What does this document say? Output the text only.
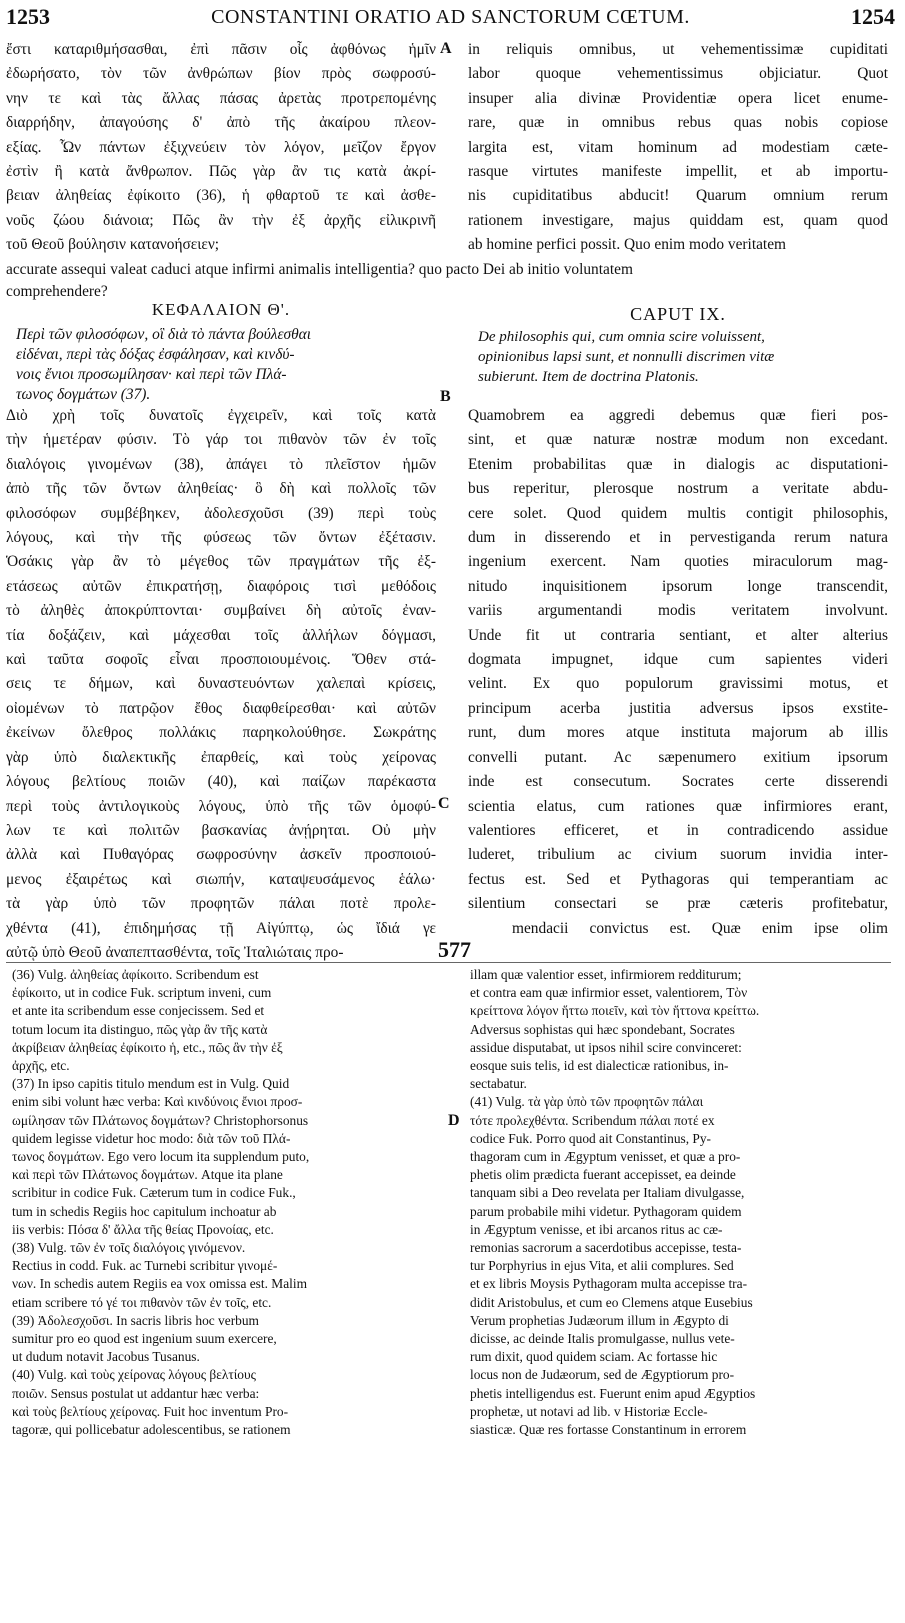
1253	CONSTANTINI ORATIO AD SANCTORUM CŒTUM.	1254
ἔστι καταριθμήσασθαι, ἐπὶ πᾶσιν οἷς ἀφθόνως ἡμῖν
ἐδωρήσατο, τὸν τῶν ἀνθρώπων βίον πρὸς σωφροσύ-
νην τε καὶ τὰς ἄλλας πάσας ἀρετὰς προτρεπομένης
διαρρήδην, ἀπαγούσης δ' ἀπὸ τῆς ἀκαίρου πλεον-
εξίας. Ὧν πάντων ἐξιχνεύειν τὸν λόγον, μεῖζον ἔργον
ἐστὶν ἢ κατὰ ἄνθρωπον. Πῶς γὰρ ἂν τις κατὰ ἀκρί-
βειαν ἀληθείας ἐφίκοιτο (36), ἡ φθαρτοῦ τε καὶ ἀσθε-
νοῦς ζώου διάνοια; Πῶς ἂν τὴν ἐξ ἀρχῆς εἰλικρινῆ
τοῦ Θεοῦ βούλησιν κατανοήσειεν;
in reliquis omnibus, ut vehementissimæ cupiditati
labor quoque vehementissimus objiciatur. Quot
insuper alia divinæ Providentiæ opera licet enume-
rare, quæ in omnibus rebus quas nobis copiose
largita est, vitam hominum ad modestiam cæte-
rasque virtutes manifeste impellit, et ab importu-
nis cupiditatibus abducit! Quarum omnium rerum
rationem investigare, majus quiddam est, quam quod
ab homine perfici possit. Quo enim modo veritatem
A
accurate assequi valeat caduci atque infirmi animalis intelligentia? quo pacto Dei ab initio voluntatem
comprehendere?
ΚΕΦΑΛΑΙΟΝ Θ'.	CAPUT IX.
Περὶ τῶν φιλοσόφων, οἳ διὰ τὸ πάντα βούλεσθαι
εἰδέναι, περὶ τὰς δόξας ἐσφάλησαν, καὶ κινδύ-
νοις ἔνιοι προσωμίλησαν· καὶ περὶ τῶν Πλά-
τωνος δογμάτων (37).
De philosophis qui, cum omnia scire voluissent,
opinionibus lapsi sunt, et nonnulli discrimen vitæ
subierunt. Item de doctrina Platonis.
B
Διὸ χρὴ τοῖς δυνατοῖς ἐγχειρεῖν, καὶ τοῖς κατὰ
τὴν ἡμετέραν φύσιν. Τὸ γάρ τοι πιθανὸν τῶν ἐν τοῖς
διαλόγοις γινομένων (38), ἀπάγει τὸ πλεῖστον ἡμῶν
ἀπὸ τῆς τῶν ὄντων ἀληθείας· ὃ δὴ καὶ πολλοῖς τῶν
φιλοσόφων συμβέβηκεν, ἀδολεσχοῦσι (39) περὶ τοὺς
λόγους, καὶ τὴν τῆς φύσεως τῶν ὄντων ἐξέτασιν.
Ὁσάκις γὰρ ἂν τὸ μέγεθος τῶν πραγμάτων τῆς ἐξ-
ετάσεως αὐτῶν ἐπικρατήσῃ, διαφόροις τισὶ μεθόδοις
τὸ ἀληθὲς ἀποκρύπτονται· συμβαίνει δὴ αὐτοῖς ἐναν-
τία δοξάζειν, καὶ μάχεσθαι τοῖς ἀλλήλων δόγμασι,
καὶ ταῦτα σοφοῖς εἶναι προσποιουμένοις. Ὅθεν στά-
σεις τε δήμων, καὶ δυναστευόντων χαλεπαὶ κρίσεις,
οἰομένων τὸ πατρῷον ἔθος διαφθείρεσθαι· καὶ αὐτῶν
ἐκείνων ὄλεθρος πολλάκις παρηκολούθησε. Σωκράτης
γὰρ ὑπὸ διαλεκτικῆς ἐπαρθείς, καὶ τοὺς χείρονας
λόγους βελτίους ποιῶν (40), καὶ παίζων παρέκαστα
περὶ τοὺς ἀντιλογικοὺς λόγους, ὑπὸ τῆς τῶν ὁμοφύ-
λων τε καὶ πολιτῶν βασκανίας ἀνῄρηται. Οὐ μὴν
ἀλλὰ καὶ Πυθαγόρας σωφροσύνην ἀσκεῖν προσποιού-
μενος ἐξαιρέτως καὶ σιωπήν, καταψευσάμενος ἑάλω·
τὰ γὰρ ὑπὸ τῶν προφητῶν πάλαι ποτὲ προλε-
χθέντα (41), ἐπιδημήσας τῇ Αἰγύπτῳ, ὡς ἴδιά γε
αὐτῷ ὑπὸ Θεοῦ ἀναπεπτασθέντα, τοῖς Ἰταλιώταις προ-
Quamobrem ea aggredi debemus quæ fieri pos-
sint, et quæ naturæ nostræ modum non excedant.
Etenim probabilitas quæ in dialogis ac disputationi-
bus reperitur, plerosque nostrum a veritate abdu-
cere solet. Quod quidem multis contigit philosophis,
dum in disserendo et in pervestiganda rerum natura
ingenium exercent. Nam quoties miraculorum mag-
nitudo inquisitionem ipsorum longe transcendit,
variis argumentandi modis veritatem involvunt.
Unde fit ut contraria sentiant, et alter alterius
dogmata impugnet, idque cum sapientes videri
velint. Ex quo populorum gravissimi motus, et
principum acerba justitia adversus ipsos exstite-
runt, dum mores atque instituta majorum ab illis
convelli putant. Ac sæpenumero exitium ipsorum
inde est consecutum. Socrates certe disserendi
scientia elatus, cum rationes quæ infirmiores erant,
valentiores efficeret, et in contradicendo assidue
luderet, tribulium ac civium suorum invidia inter-
fectus est. Sed et Pythagoras qui temperantiam ac
silentium consectari se præ cæteris profitebatur,
mendacii convictus est. Quæ enim ipse olim
C
577
(36) Vulg. ἀληθείας ἀφίκοιτο. Scribendum est
ἐφίκοιτο, ut in codice Fuk. scriptum inveni, cum
et ante ita scribendum esse conjecissem. Sed et
totum locum ita distinguo, πῶς γὰρ ἂν τῆς κατὰ
ἀκρίβειαν ἀληθείας ἐφίκοιτο ἡ, etc., πῶς ἂν τὴν ἐξ
ἀρχῆς, etc.
(37) In ipso capitis titulo mendum est in Vulg. Quid
enim sibi volunt hæc verba: Καὶ κινδύνοις ἔνιοι προσ-
ωμίλησαν τῶν Πλάτωνος δογμάτων? Christophorsonus
quidem legisse videtur hoc modo: διὰ τῶν τοῦ Πλά-
τωνος δογμάτων. Ego vero locum ita supplendum puto,
καὶ περὶ τῶν Πλάτωνος δογμάτων. Atque ita plane
scribitur in codice Fuk. Cæterum tum in codice Fuk.,
tum in schedis Regiis hoc capitulum inchoatur ab
iis verbis: Πόσα δ' ἄλλα τῆς θείας Προνοίας, etc.
(38) Vulg. τῶν ἐν τοῖς διαλόγοις γινόμενον.
Rectius in codd. Fuk. ac Turnebi scribitur γινομέ-
νων. In schedis autem Regiis ea vox omissa est. Malim
etiam scribere τό γέ τοι πιθανὸν τῶν ἐν τοῖς, etc.
(39) Ἀδολεσχοῦσι. In sacris libris hoc verbum
sumitur pro eo quod est ingenium suum exercere,
ut dudum notavit Jacobus Tusanus.
(40) Vulg. καὶ τοὺς χείρονας λόγους βελτίους
ποιῶν. Sensus postulat ut addantur hæc verba:
καὶ τοὺς βελτίους χείρονας. Fuit hoc inventum Pro-
tagoræ, qui pollicebatur adolescentibus, se rationem
illam quæ valentior esset, infirmiorem redditurum;
et contra eam quæ infirmior esset, valentiorem, Τὸν
κρείττονα λόγον ἥττω ποιεῖν, καὶ τὸν ἥττονα κρείττω.
Adversus sophistas qui hæc spondebant, Socrates
assidue disputabat, ut ipsos nihil scire convinceret:
eosque suis telis, id est dialecticæ rationibus, in-
sectabatur.
(41) Vulg. τὰ γὰρ ὑπὸ τῶν προφητῶν πάλαι
τότε προλεχθέντα. Scribendum πάλαι ποτέ ex
codice Fuk. Porro quod ait Constantinus, Py-
thagoram cum in Ægyptum venisset, et quæ a pro-
phetis olim prædicta fuerant accepisset, ea deinde
tanquam sibi a Deo revelata per Italiam divulgasse,
parum probabile mihi videtur. Pythagoram quidem
in Ægyptum venisse, et ibi arcanos ritus ac cæ-
remonias sacrorum a sacerdotibus accepisse, testa-
tur Porphyrius in ejus Vita, et alii complures. Sed
et ex libris Moysis Pythagoram multa accepisse tra-
didit Aristobulus, et cum eo Clemens atque Eusebius
Verum prophetias Judæorum illum in Ægypto di
dicisse, ac deinde Italis promulgasse, nullus vete-
rum dixit, quod quidem sciam. Ac fortasse hic
locus non de Judæorum, sed de Ægyptiorum pro-
phetis intelligendus est. Fuerunt enim apud Ægyptios
prophetæ, ut notavi ad lib. v Historiæ Eccle-
siasticæ. Quæ res fortasse Constantinum in errorem
D
